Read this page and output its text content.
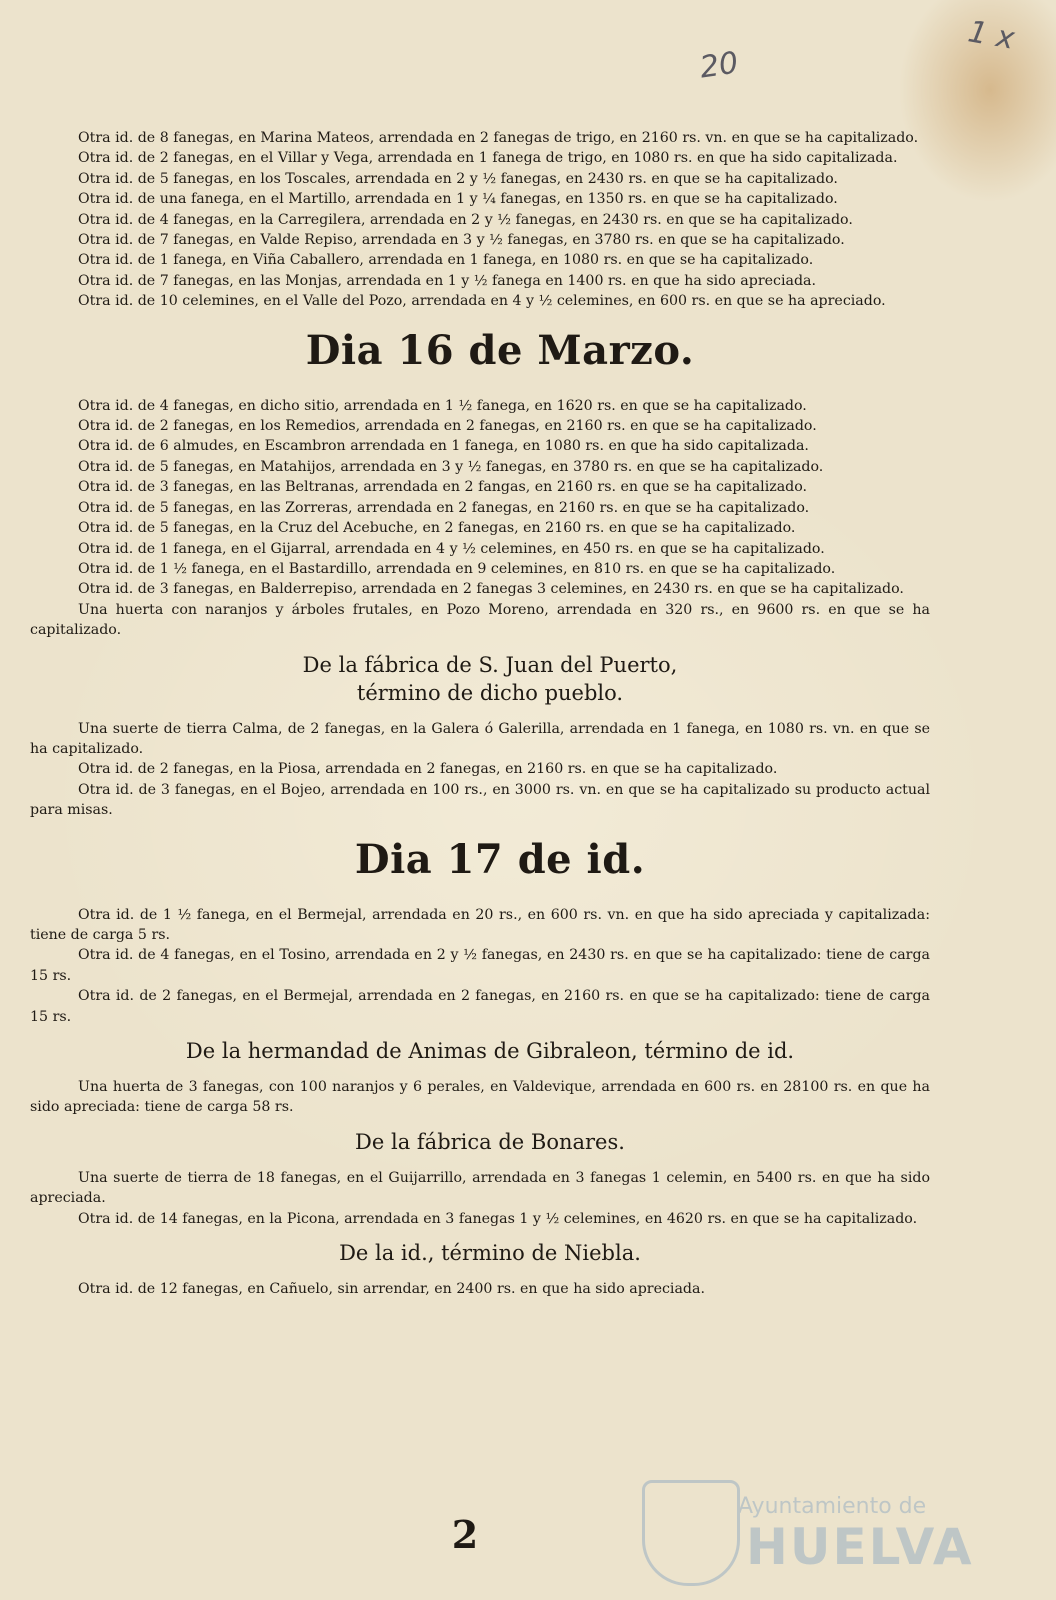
20
1 x

Otra id. de 8 fanegas, en Marina Mateos, arrendada en 2 fanegas de trigo, en 2160 rs. vn. en que se ha capitalizado.

Otra id. de 2 fanegas, en el Villar y Vega, arrendada en 1 fanega de trigo, en 1080 rs. en que ha sido capitalizada.

Otra id. de 5 fanegas, en los Toscales, arrendada en 2 y ½ fanegas, en 2430 rs. en que se ha capitalizado.

Otra id. de una fanega, en el Martillo, arrendada en 1 y ¼ fanegas, en 1350 rs. en que se ha capitalizado.

Otra id. de 4 fanegas, en la Carregilera, arrendada en 2 y ½ fanegas, en 2430 rs. en que se ha capitalizado.

Otra id. de 7 fanegas, en Valde Repiso, arrendada en 3 y ½ fanegas, en 3780 rs. en que se ha capitalizado.

Otra id. de 1 fanega, en Viña Caballero, arrendada en 1 fanega, en 1080 rs. en que se ha capitalizado.

Otra id. de 7 fanegas, en las Monjas, arrendada en 1 y ½ fanega en 1400 rs. en que ha sido apreciada.

Otra id. de 10 celemines, en el Valle del Pozo, arrendada en 4 y ½ celemines, en 600 rs. en que se ha apreciado.

Dia 16 de Marzo.

Otra id. de 4 fanegas, en dicho sitio, arrendada en 1 ½ fanega, en 1620 rs. en que se ha capitalizado.

Otra id. de 2 fanegas, en los Remedios, arrendada en 2 fanegas, en 2160 rs. en que se ha capitalizado.

Otra id. de 6 almudes, en Escambron arrendada en 1 fanega, en 1080 rs. en que ha sido capitalizada.

Otra id. de 5 fanegas, en Matahijos, arrendada en 3 y ½ fanegas, en 3780 rs. en que se ha capitalizado.

Otra id. de 3 fanegas, en las Beltranas, arrendada en 2 fangas, en 2160 rs. en que se ha capitalizado.

Otra id. de 5 fanegas, en las Zorreras, arrendada en 2 fanegas, en 2160 rs. en que se ha capitalizado.

Otra id. de 5 fanegas, en la Cruz del Acebuche, en 2 fanegas, en 2160 rs. en que se ha capitalizado.

Otra id. de 1 fanega, en el Gijarral, arrendada en 4 y ½ celemines, en 450 rs. en que se ha capitalizado.

Otra id. de 1 ½ fanega, en el Bastardillo, arrendada en 9 celemines, en 810 rs. en que se ha capitalizado.

Otra id. de 3 fanegas, en Balderrepiso, arrendada en 2 fanegas 3 celemines, en 2430 rs. en que se ha capitalizado.

Una huerta con naranjos y árboles frutales, en Pozo Moreno, arrendada en 320 rs., en 9600 rs. en que se ha capitalizado.

De la fábrica de S. Juan del Puerto,
término de dicho pueblo.

Una suerte de tierra Calma, de 2 fanegas, en la Galera ó Galerilla, arrendada en 1 fanega, en 1080 rs. vn. en que se ha capitalizado.

Otra id. de 2 fanegas, en la Piosa, arrendada en 2 fanegas, en 2160 rs. en que se ha capitalizado.

Otra id. de 3 fanegas, en el Bojeo, arrendada en 100 rs., en 3000 rs. vn. en que se ha capitalizado su producto actual para misas.

Dia 17 de id.

Otra id. de 1 ½ fanega, en el Bermejal, arrendada en 20 rs., en 600 rs. vn. en que ha sido apreciada y capitalizada: tiene de carga 5 rs.

Otra id. de 4 fanegas, en el Tosino, arrendada en 2 y ½ fanegas, en 2430 rs. en que se ha capitalizado: tiene de carga 15 rs.

Otra id. de 2 fanegas, en el Bermejal, arrendada en 2 fanegas, en 2160 rs. en que se ha capitalizado: tiene de carga 15 rs.

De la hermandad de Animas de Gibraleon, término de id.

Una huerta de 3 fanegas, con 100 naranjos y 6 perales, en Valdevique, arrendada en 600 rs. en 28100 rs. en que ha sido apreciada: tiene de carga 58 rs.

De la fábrica de Bonares.

Una suerte de tierra de 18 fanegas, en el Guijarrillo, arrendada en 3 fanegas 1 celemin, en 5400 rs. en que ha sido apreciada.

Otra id. de 14 fanegas, en la Picona, arrendada en 3 fanegas 1 y ½ celemines, en 4620 rs. en que se ha capitalizado.

De la id., término de Niebla.

Otra id. de 12 fanegas, en Cañuelo, sin arrendar, en 2400 rs. en que ha sido apreciada.

2
Ayuntamiento de
HUELVA
